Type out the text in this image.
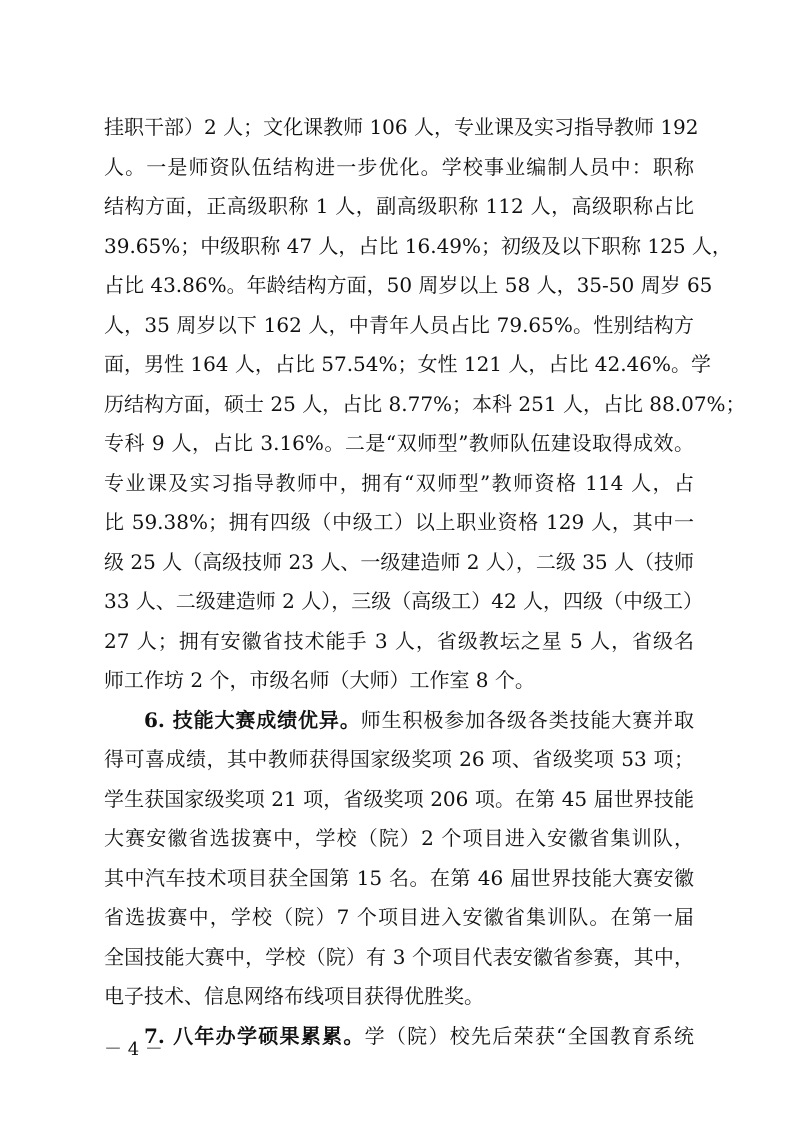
挂职干部）2 人；文化课教师 106 人，专业课及实习指导教师 192
人。一是师资队伍结构进一步优化。学校事业编制人员中：职称
结构方面，正高级职称 1 人，副高级职称 112 人，高级职称占比
39.65%；中级职称 47 人，占比 16.49%；初级及以下职称 125 人，
占比 43.86%。年龄结构方面，50 周岁以上 58 人，35-50 周岁 65
人，35 周岁以下 162 人，中青年人员占比 79.65%。性别结构方
面，男性 164 人，占比 57.54%；女性 121 人，占比 42.46%。学
历结构方面，硕士 25 人，占比 8.77%；本科 251 人，占比 88.07%；
专科 9 人，占比 3.16%。二是“双师型”教师队伍建设取得成效。
专业课及实习指导教师中，拥有“双师型”教师资格 114 人，占
比 59.38%；拥有四级（中级工）以上职业资格 129 人，其中一
级 25 人（高级技师 23 人、一级建造师 2 人），二级 35 人（技师
33 人、二级建造师 2 人），三级（高级工）42 人，四级（中级工）
27 人；拥有安徽省技术能手 3 人，省级教坛之星 5 人，省级名
师工作坊 2 个，市级名师（大师）工作室 8 个。
6. 技能大赛成绩优异。师生积极参加各级各类技能大赛并取
得可喜成绩，其中教师获得国家级奖项 26 项、省级奖项 53 项；
学生获国家级奖项 21 项，省级奖项 206 项。在第 45 届世界技能
大赛安徽省选拔赛中，学校（院）2 个项目进入安徽省集训队，
其中汽车技术项目获全国第 15 名。在第 46 届世界技能大赛安徽
省选拔赛中，学校（院）7 个项目进入安徽省集训队。在第一届
全国技能大赛中，学校（院）有 3 个项目代表安徽省参赛，其中，
电子技术、信息网络布线项目获得优胜奖。
7. 八年办学硕果累累。学（院）校先后荣获“全国教育系统
－ 4 －
